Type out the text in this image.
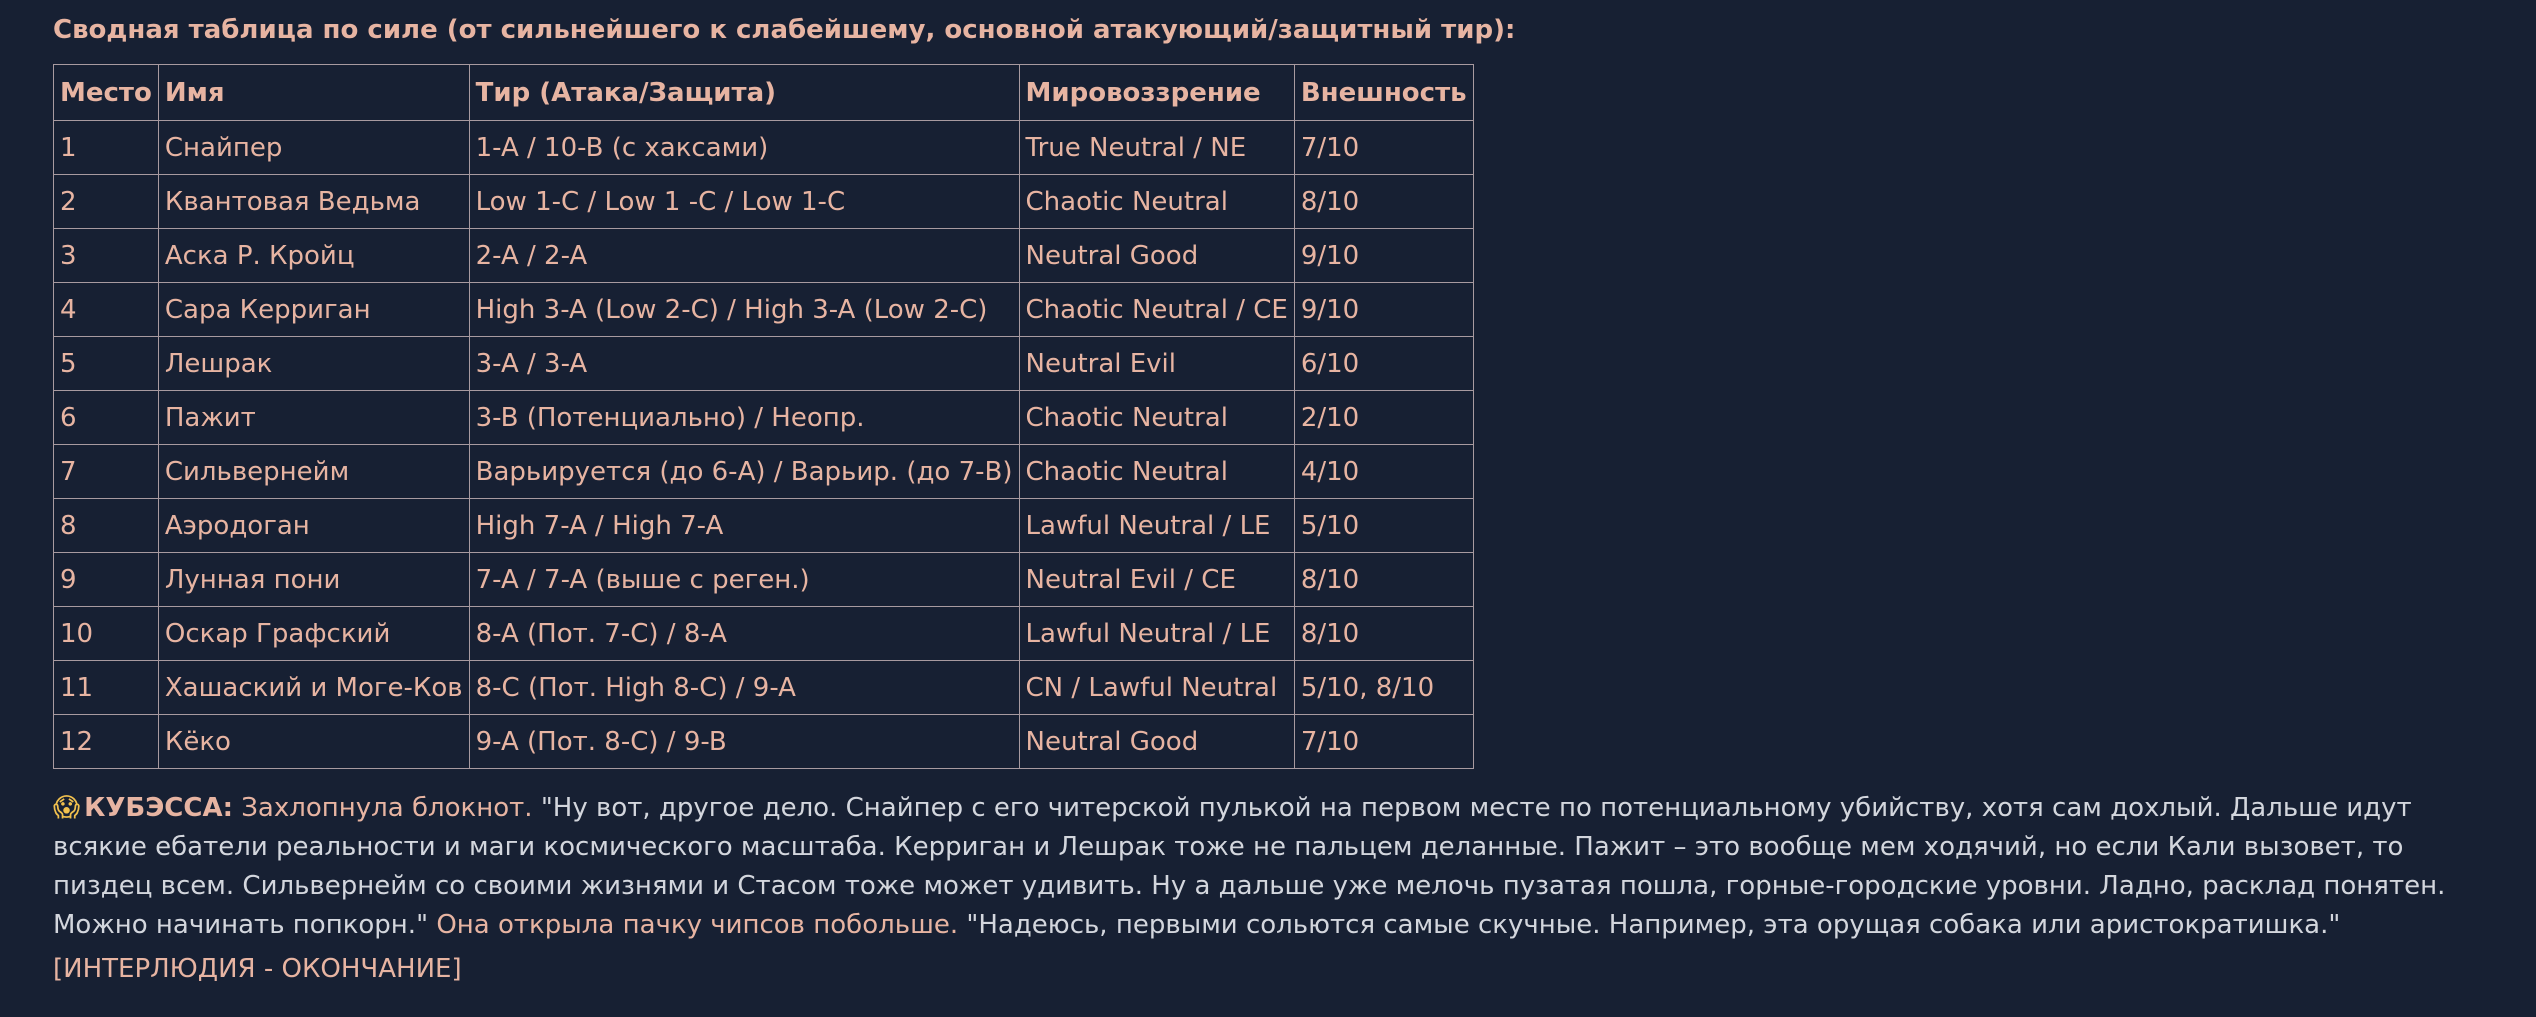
Сводная таблица по силе (от сильнейшего к слабейшему, основной атакующий/защитный тир):
Место	Имя	Тир (Атака/Защита)	Мировоззрение	Внешность
1	Снайпер	1-A / 10-B (с хаксами)	True Neutral / NE	7/10
2	Квантовая Ведьма	Low 1-C / Low 1 -C / Low 1-C	Chaotic Neutral	8/10
3	Аска Р. Кройц	2-A / 2-A	Neutral Good	9/10
4	Сара Керриган	High 3-A (Low 2-C) / High 3-A (Low 2-C)	Chaotic Neutral / CE	9/10
5	Лешрак	3-A / 3-A	Neutral Evil	6/10
6	Пажит	3-B (Потенциально) / Неопр.	Chaotic Neutral	2/10
7	Сильвернейм	Варьируется (до 6-A) / Варьир. (до 7-B)	Chaotic Neutral	4/10
8	Аэродоган	High 7-A / High 7-A	Lawful Neutral / LE	5/10
9	Лунная пони	7-A / 7-A (выше с реген.)	Neutral Evil / CE	8/10
10	Оскар Графский	8-A (Пот. 7-C) / 8-A	Lawful Neutral / LE	8/10
11	Хашаский и Моге-Ков	8-C (Пот. High 8-C) / 9-A	CN / Lawful Neutral	5/10, 8/10
12	Кёко	9-A (Пот. 8-C) / 9-B	Neutral Good	7/10
😱 КУБЭССА: Захлопнула блокнот. "Ну вот, другое дело. Снайпер с его читерской пулькой на первом месте по потенциальному убийству, хотя сам дохлый. Дальше идут всякие ебатели реальности и маги космического масштаба. Керриган и Лешрак тоже не пальцем деланные. Пажит – это вообще мем ходячий, но если Кали вызовет, то пиздец всем. Сильвернейм со своими жизнями и Стасом тоже может удивить. Ну а дальше уже мелочь пузатая пошла, горные-городские уровни. Ладно, расклад понятен. Можно начинать попкорн." Она открыла пачку чипсов побольше. "Надеюсь, первыми сольются самые скучные. Например, эта орущая собака или аристократишка."
[ИНТЕРЛЮДИЯ - ОКОНЧАНИЕ]
